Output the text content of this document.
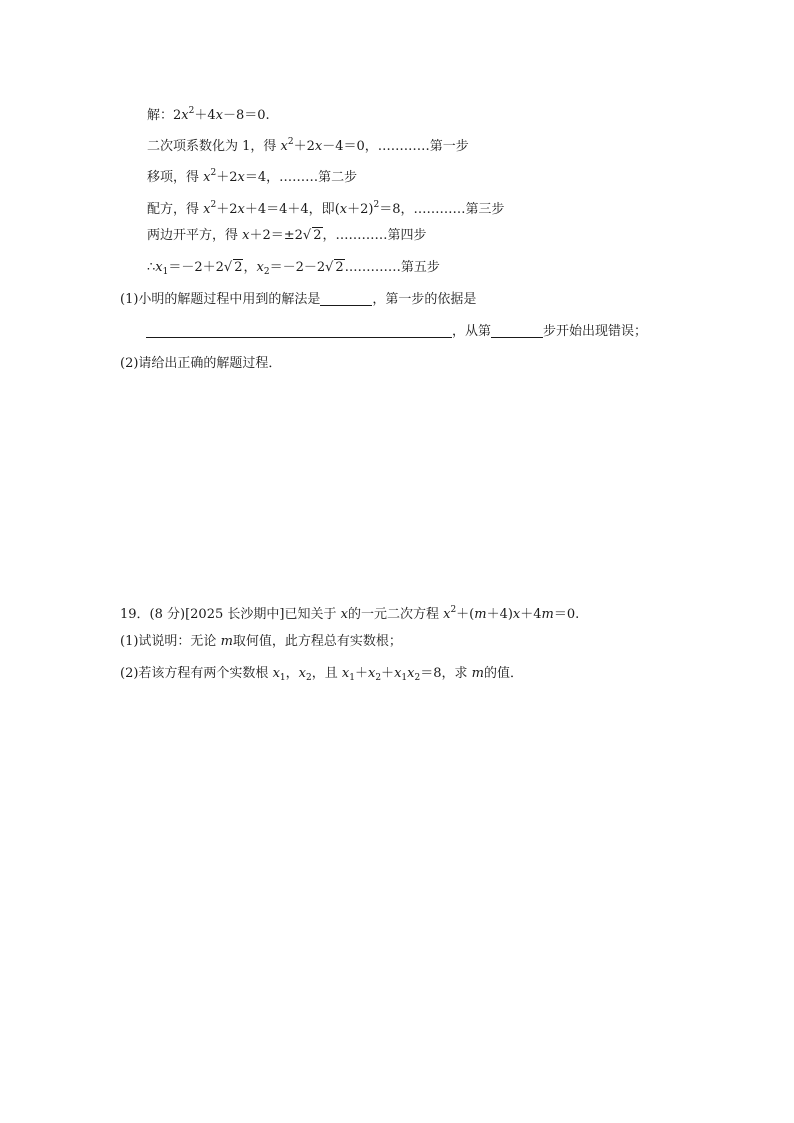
解：$2x^2+4x-8=0$.
二次项系数化为 1，得 $x^2+2x-4=0$，…………第一步
移项，得 $x^2+2x=4$，………第二步
配方，得 $x^2+2x+4=4+4$，即$(x+2)^2=8$，…………第三步
两边开平方，得 x＋2＝±2√ 2，…………第四步
$\therefore x_1=-2+2√$ 2，$x_2=-2-2√$ 2.…………第五步
(1)小明的解题过程中用到的解法是	，第一步的依据是
，从第	步开始出现错误；
(2)请给出正确的解题过程．
19．(8 分)[2025 长沙期中]已知关于 x的一元二次方程 $x^2+(m+4)x+4m=0$.
(1)试说明：无论 m取何值，此方程总有实数根；
(2)若该方程有两个实数根 $x_1$，$x_2$，且 $x_1+x_2+x_1x_2=8$，求 m的值．
